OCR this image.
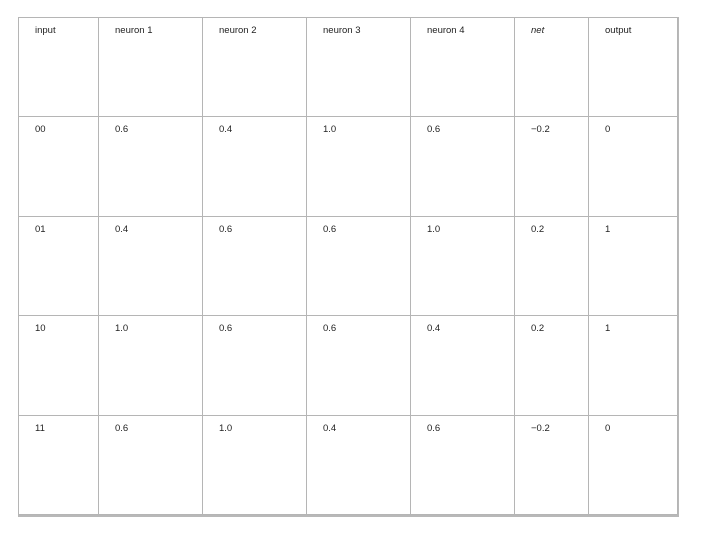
input	neuron 1	neuron 2	neuron 3	neuron 4	net	output
00	0.6	0.4	1.0	0.6	−0.2	0
01	0.4	0.6	0.6	1.0	0.2	1
10	1.0	0.6	0.6	0.4	0.2	1
11	0.6	1.0	0.4	0.6	−0.2	0
